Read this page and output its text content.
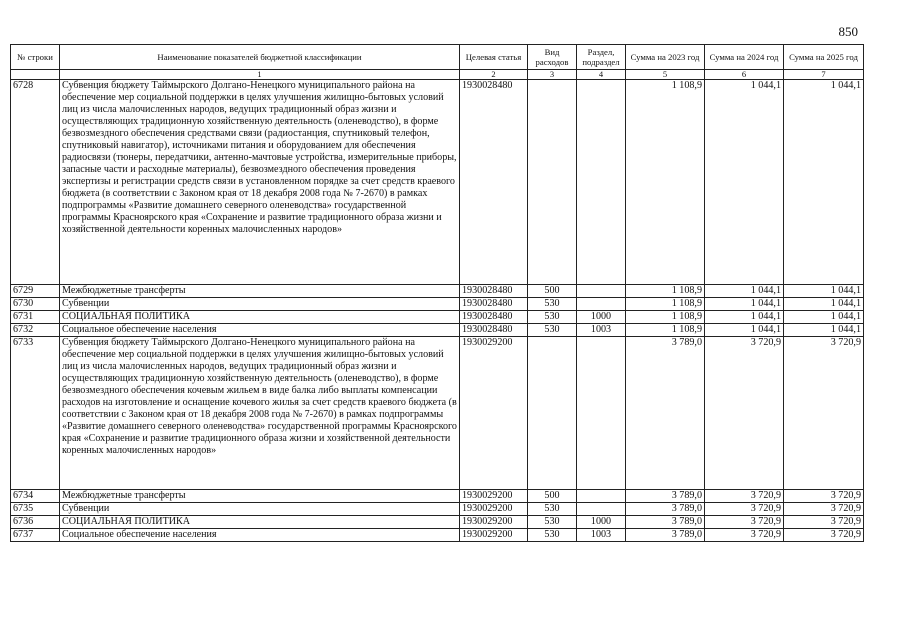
850
№ строки	Наименование показателей бюджетной классификации	Целевая статья	Вид расходов	Раздел, подраздел	Сумма на 2023 год	Сумма на 2024 год	Сумма на 2025 год
	1	2	3	4	5	6	7
6728	Субвенция бюджету Таймырского Долгано-Ненецкого муниципального района на обеспечение мер социальной поддержки в целях улучшения жилищно-бытовых условий лиц из числа малочисленных народов, ведущих традиционный образ жизни и осуществляющих традиционную хозяйственную деятельность (оленеводство), в форме безвозмездного обеспечения средствами связи (радиостанция, спутниковый телефон, спутниковый навигатор), источниками питания и оборудованием для обеспечения радиосвязи (тюнеры, передатчики, антенно-мачтовые устройства, измерительные приборы, запасные части и расходные материалы), безвозмездного обеспечения проведения экспертизы и регистрации средств связи в установленном порядке за счет средств краевого бюджета (в соответствии с Законом края от 18 декабря 2008 года № 7-2670) в рамках подпрограммы «Развитие домашнего северного оленеводства» государственной программы Красноярского края «Сохранение и развитие традиционного образа жизни и хозяйственной деятельности коренных малочисленных народов»	1930028480			1 108,9	1 044,1	1 044,1
6729	Межбюджетные трансферты	1930028480	500		1 108,9	1 044,1	1 044,1
6730	Субвенции	1930028480	530		1 108,9	1 044,1	1 044,1
6731	СОЦИАЛЬНАЯ ПОЛИТИКА	1930028480	530	1000	1 108,9	1 044,1	1 044,1
6732	Социальное обеспечение населения	1930028480	530	1003	1 108,9	1 044,1	1 044,1
6733	Субвенция бюджету Таймырского Долгано-Ненецкого муниципального района на обеспечение мер социальной поддержки в целях улучшения жилищно-бытовых условий лиц из числа малочисленных народов, ведущих традиционный образ жизни и осуществляющих традиционную хозяйственную деятельность (оленеводство), в форме безвозмездного обеспечения кочевым жильем в виде балка либо выплаты компенсации расходов на изготовление и оснащение кочевого жилья за счет средств краевого бюджета (в соответствии с Законом края от 18 декабря 2008 года № 7-2670) в рамках подпрограммы «Развитие домашнего северного оленеводства» государственной программы Красноярского края «Сохранение и развитие традиционного образа жизни и хозяйственной деятельности коренных малочисленных народов»	1930029200			3 789,0	3 720,9	3 720,9
6734	Межбюджетные трансферты	1930029200	500		3 789,0	3 720,9	3 720,9
6735	Субвенции	1930029200	530		3 789,0	3 720,9	3 720,9
6736	СОЦИАЛЬНАЯ ПОЛИТИКА	1930029200	530	1000	3 789,0	3 720,9	3 720,9
6737	Социальное обеспечение населения	1930029200	530	1003	3 789,0	3 720,9	3 720,9
